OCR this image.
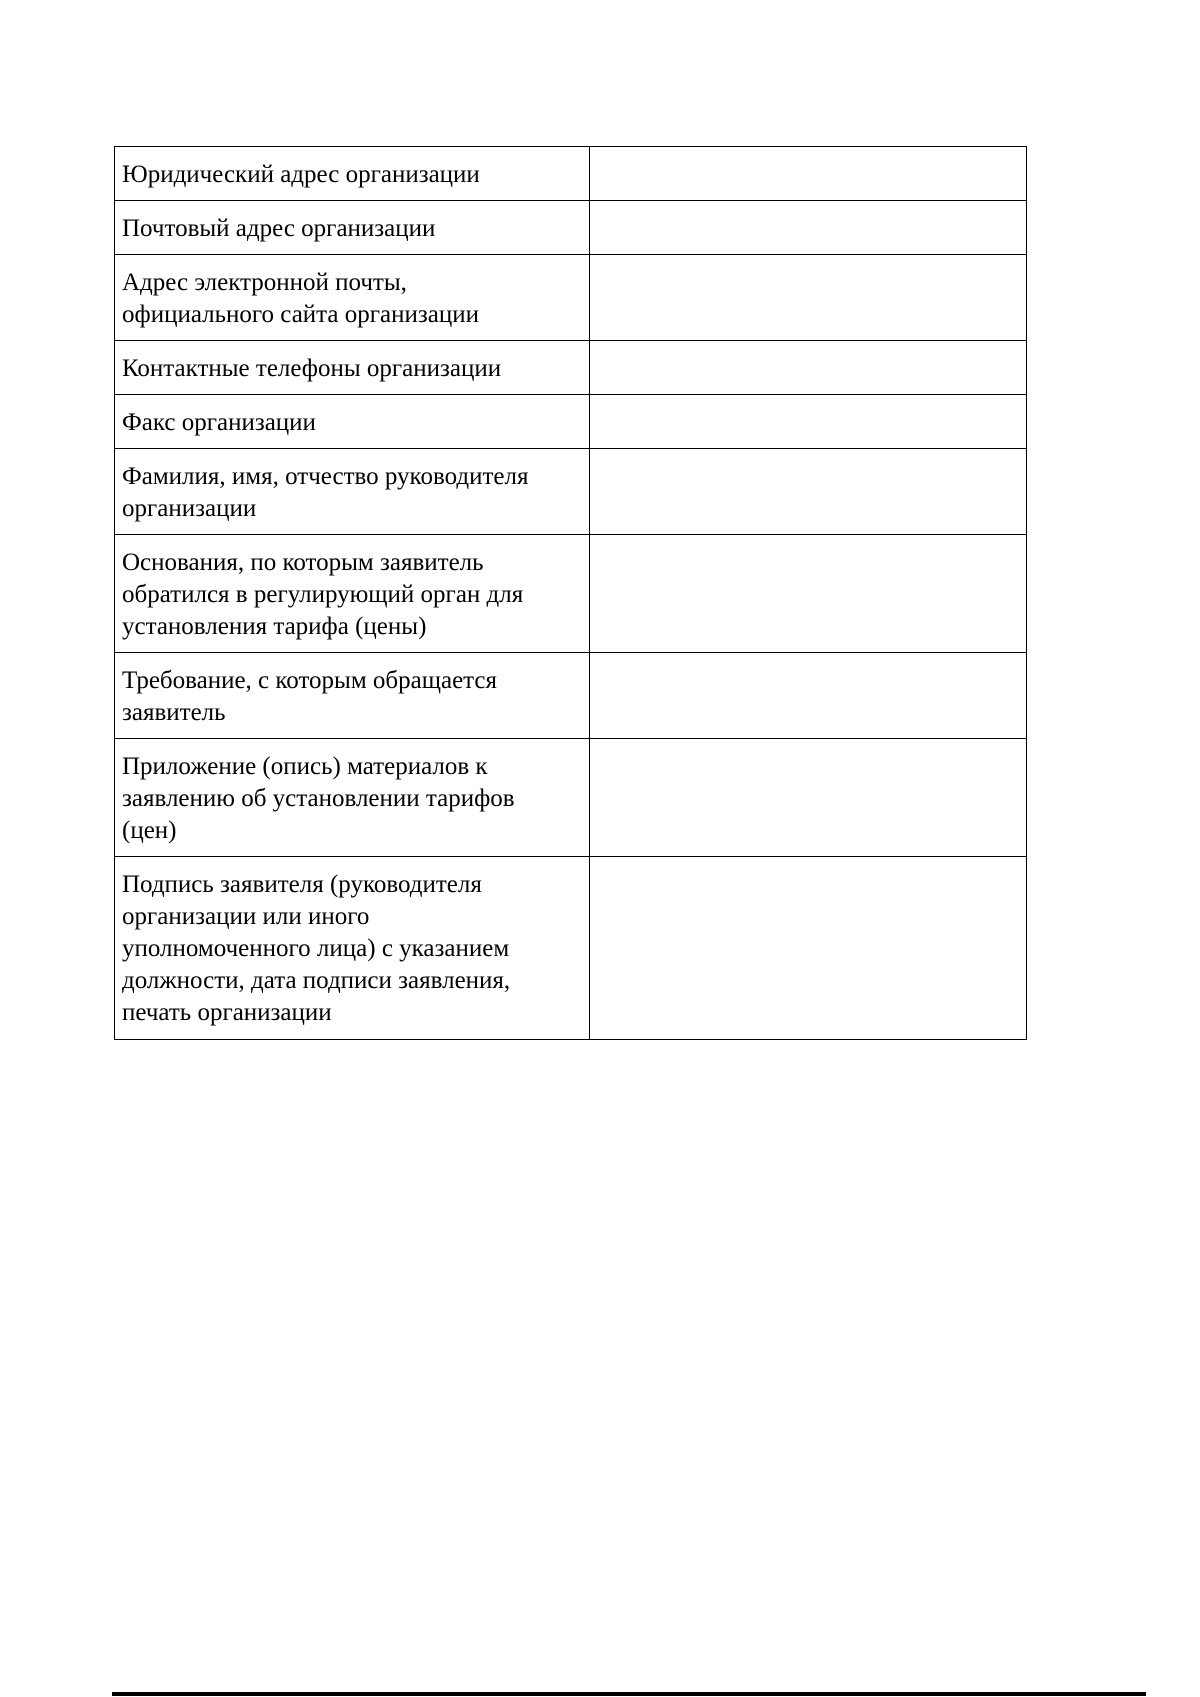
Юридический адрес организации	

Почтовый адрес организации	

Адрес электронной почты,
официального сайта организации	

Контактные телефоны организации	

Факс организации	

Фамилия, имя, отчество руководителя
организации	

Основания, по которым заявитель
обратился в регулирующий орган для
установления тарифа (цены)	

Требование, с которым обращается
заявитель	

Приложение (опись) материалов к
заявлению об установлении тарифов
(цен)	

Подпись заявителя (руководителя
организации или иного
уполномоченного лица) с указанием
должности, дата подписи заявления,
печать организации	
